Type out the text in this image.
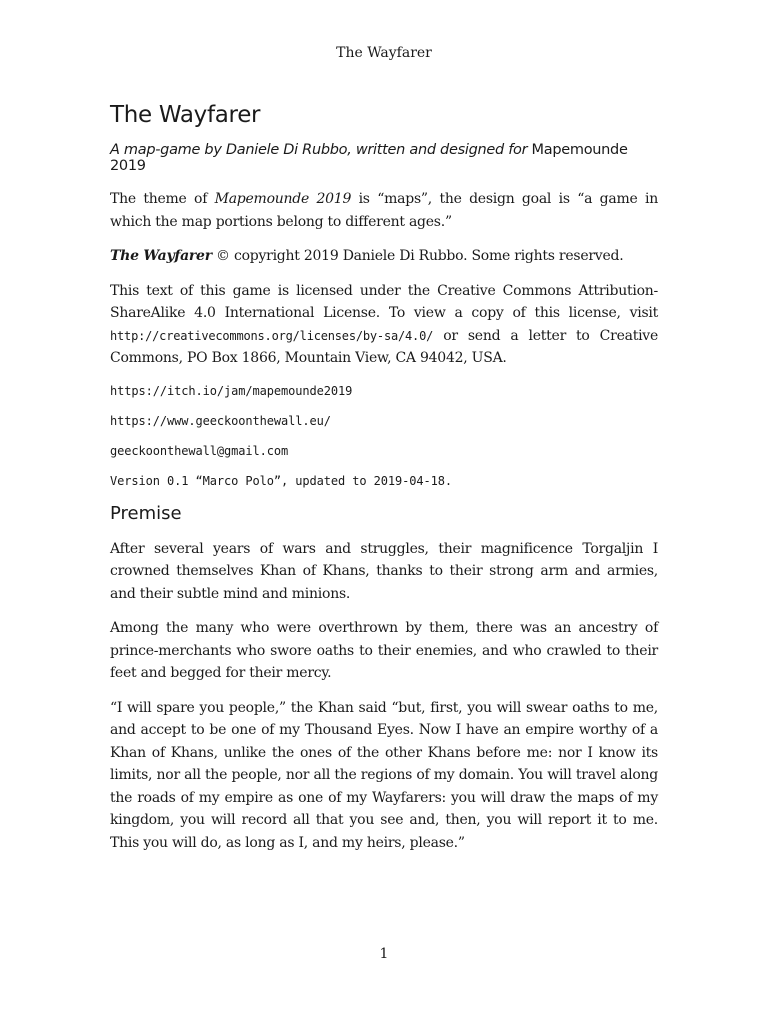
The Wayfarer
The Wayfarer

A map-game by Daniele Di Rubbo, written and designed for Mapemounde 2019

The theme of Mapemounde 2019 is “maps”, the design goal is “a game in which the map portions belong to different ages.”

The Wayfarer © copyright 2019 Daniele Di Rubbo. Some rights reserved.

This text of this game is licensed under the Creative Commons Attribution-ShareAlike 4.0 International License. To view a copy of this license, visit http://creativecommons.org/licenses/by-sa/4.0/ or send a letter to Creative Commons, PO Box 1866, Mountain View, CA 94042, USA.

https://itch.io/jam/mapemounde2019

https://www.geeckoonthewall.eu/

geeckoonthewall@gmail.com

Version 0.1 “Marco Polo”, updated to 2019-04-18.

Premise

After several years of wars and struggles, their magnificence Torgaljin I crowned themselves Khan of Khans, thanks to their strong arm and armies, and their subtle mind and minions.

Among the many who were overthrown by them, there was an ancestry of prince-merchants who swore oaths to their enemies, and who crawled to their feet and begged for their mercy.

“I will spare you people,” the Khan said “but, first, you will swear oaths to me, and accept to be one of my Thousand Eyes. Now I have an empire worthy of a Khan of Khans, unlike the ones of the other Khans before me: nor I know its limits, nor all the people, nor all the regions of my domain. You will travel along the roads of my empire as one of my Wayfarers: you will draw the maps of my kingdom, you will record all that you see and, then, you will report it to me. This you will do, as long as I, and my heirs, please.”

1
